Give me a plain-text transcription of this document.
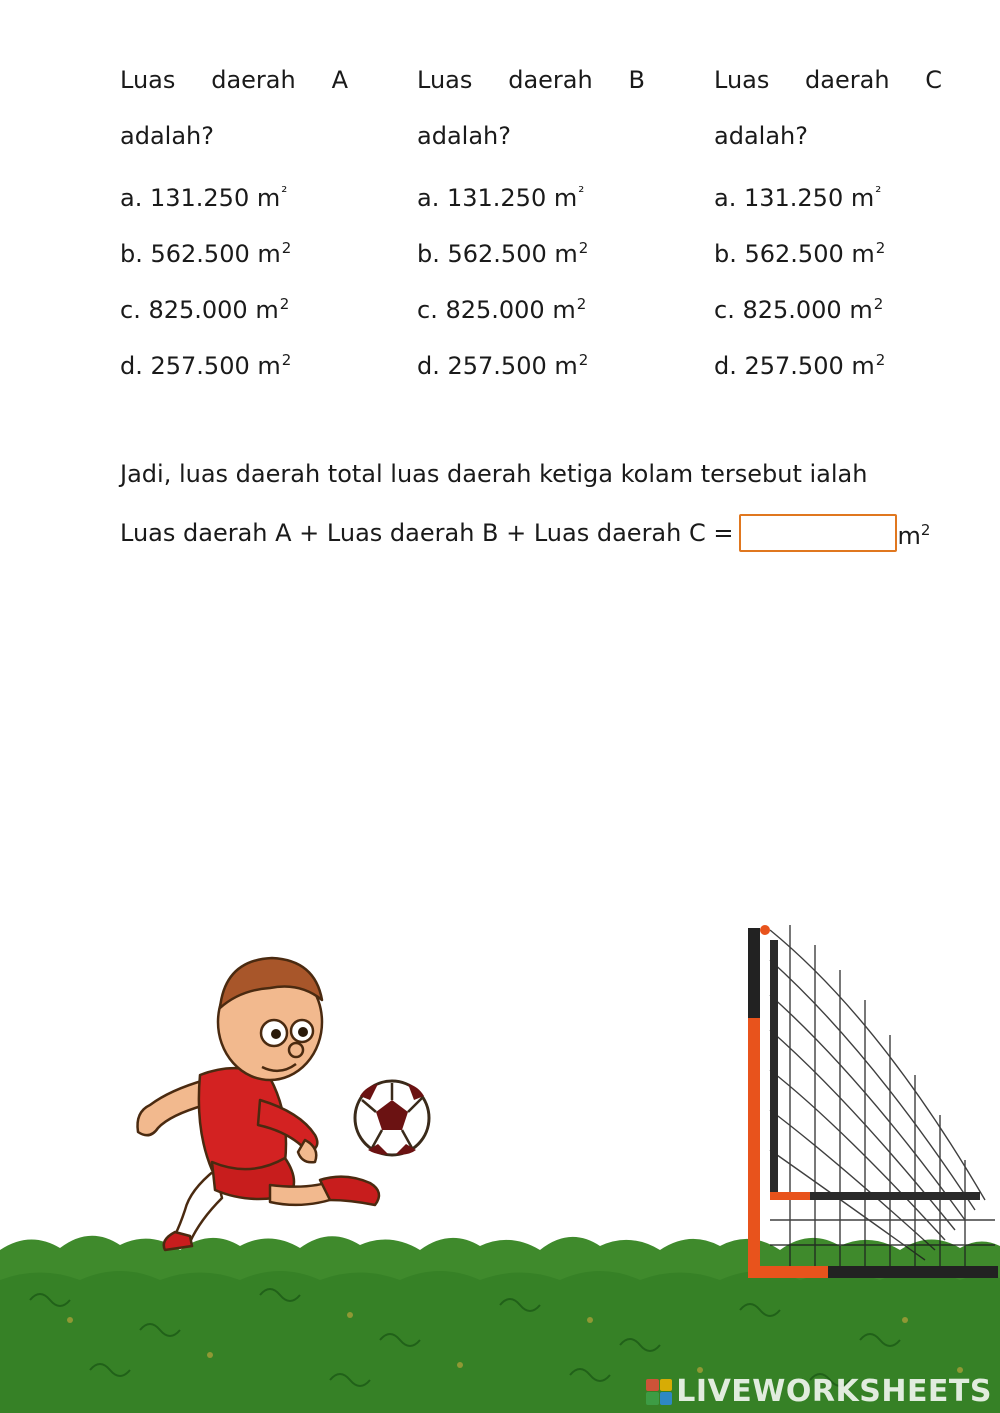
Luas daerah A
adalah?
a. 131.250 $m^{^2}$
b. 562.500 $m^2$
c. 825.000 $m^2$
d. 257.500 $m^2$
Luas daerah B
adalah?
a. 131.250 $m^{^2}$
b. 562.500 $m^2$
c. 825.000 $m^2$
d. 257.500 $m^2$
Luas daerah C
adalah?
a. 131.250 $m^{^2}$
b. 562.500 $m^2$
c. 825.000 $m^2$
d. 257.500 $m^2$
Jadi, luas daerah total luas daerah ketiga kolam tersebut ialah
Luas daerah A + Luas daerah B + Luas daerah C =	$m^2$
LIVEWORKSHEETS
